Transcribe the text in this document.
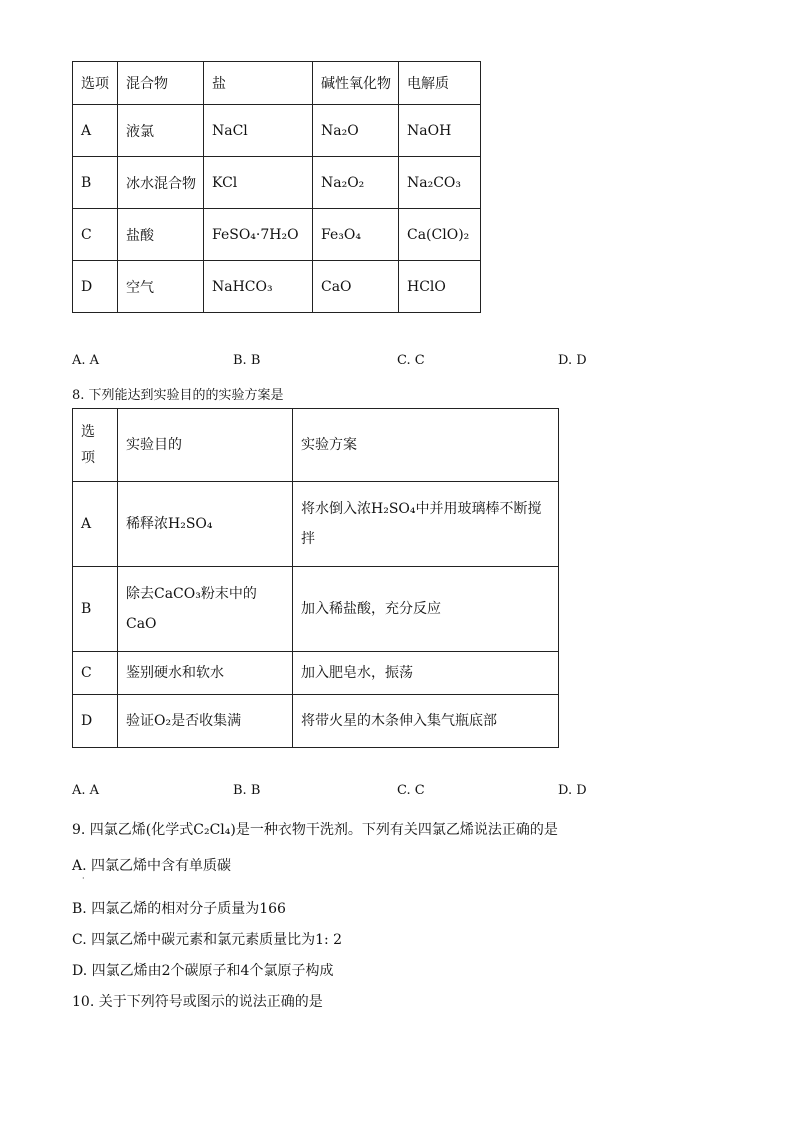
选项	混合物	盐	碱性氧化物	电解质
A	液氯	NaCl	Na₂O	NaOH
B	冰水混合物	KCl	Na₂O₂	Na₂CO₃
C	盐酸	FeSO₄·7H₂O	Fe₃O₄	Ca(ClO)₂
D	空气	NaHCO₃	CaO	HClO
A. A	B. B	C. C	D. D
8. 下列能达到实验目的的实验方案是
选项	实验目的	实验方案
A	稀释浓H₂SO₄	将水倒入浓H₂SO₄中并用玻璃棒不断搅拌
B	除去CaCO₃粉末中的CaO	加入稀盐酸，充分反应
C	鉴别硬水和软水	加入肥皂水，振荡
D	验证O₂是否收集满	将带火星的木条伸入集气瓶底部
A. A	B. B	C. C	D. D
9. 四氯乙烯(化学式C₂Cl₄)是一种衣物干洗剂。下列有关四氯乙烯说法正确的是
A. 四氯乙烯中含有单质碳
·
B. 四氯乙烯的相对分子质量为166
C. 四氯乙烯中碳元素和氯元素质量比为1: 2
D. 四氯乙烯由2个碳原子和4个氯原子构成
10. 关于下列符号或图示的说法正确的是
